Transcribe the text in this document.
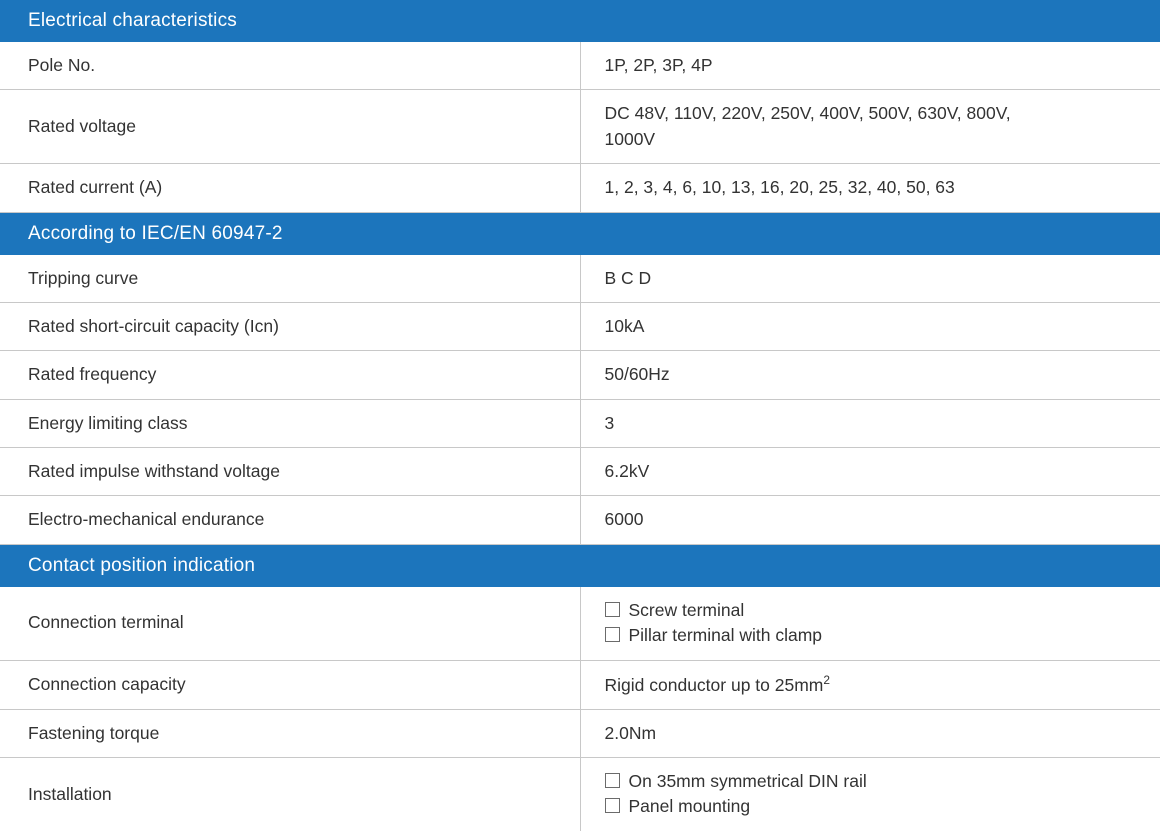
Electrical characteristics	
Pole No.	1P, 2P, 3P, 4P
Rated voltage	DC 48V, 110V, 220V, 250V, 400V, 500V, 630V, 800V,
1000V

Rated current (A)	1, 2, 3, 4, 6, 10, 13, 16, 20, 25, 32, 40, 50, 63
According to IEC/EN 60947-2	
Tripping curve	B C D
Rated short-circuit capacity (Icn)	10kA
Rated frequency	50/60Hz
Energy limiting class	3
Rated impulse withstand voltage	6.2kV
Electro-mechanical endurance	6000
Contact position indication	
Connection terminal	Screw terminal
Pillar terminal with clamp

Connection capacity	Rigid conductor up to $25mm^2$
Fastening torque	2.0Nm
Installation	On 35mm symmetrical DIN rail
Panel mounting
